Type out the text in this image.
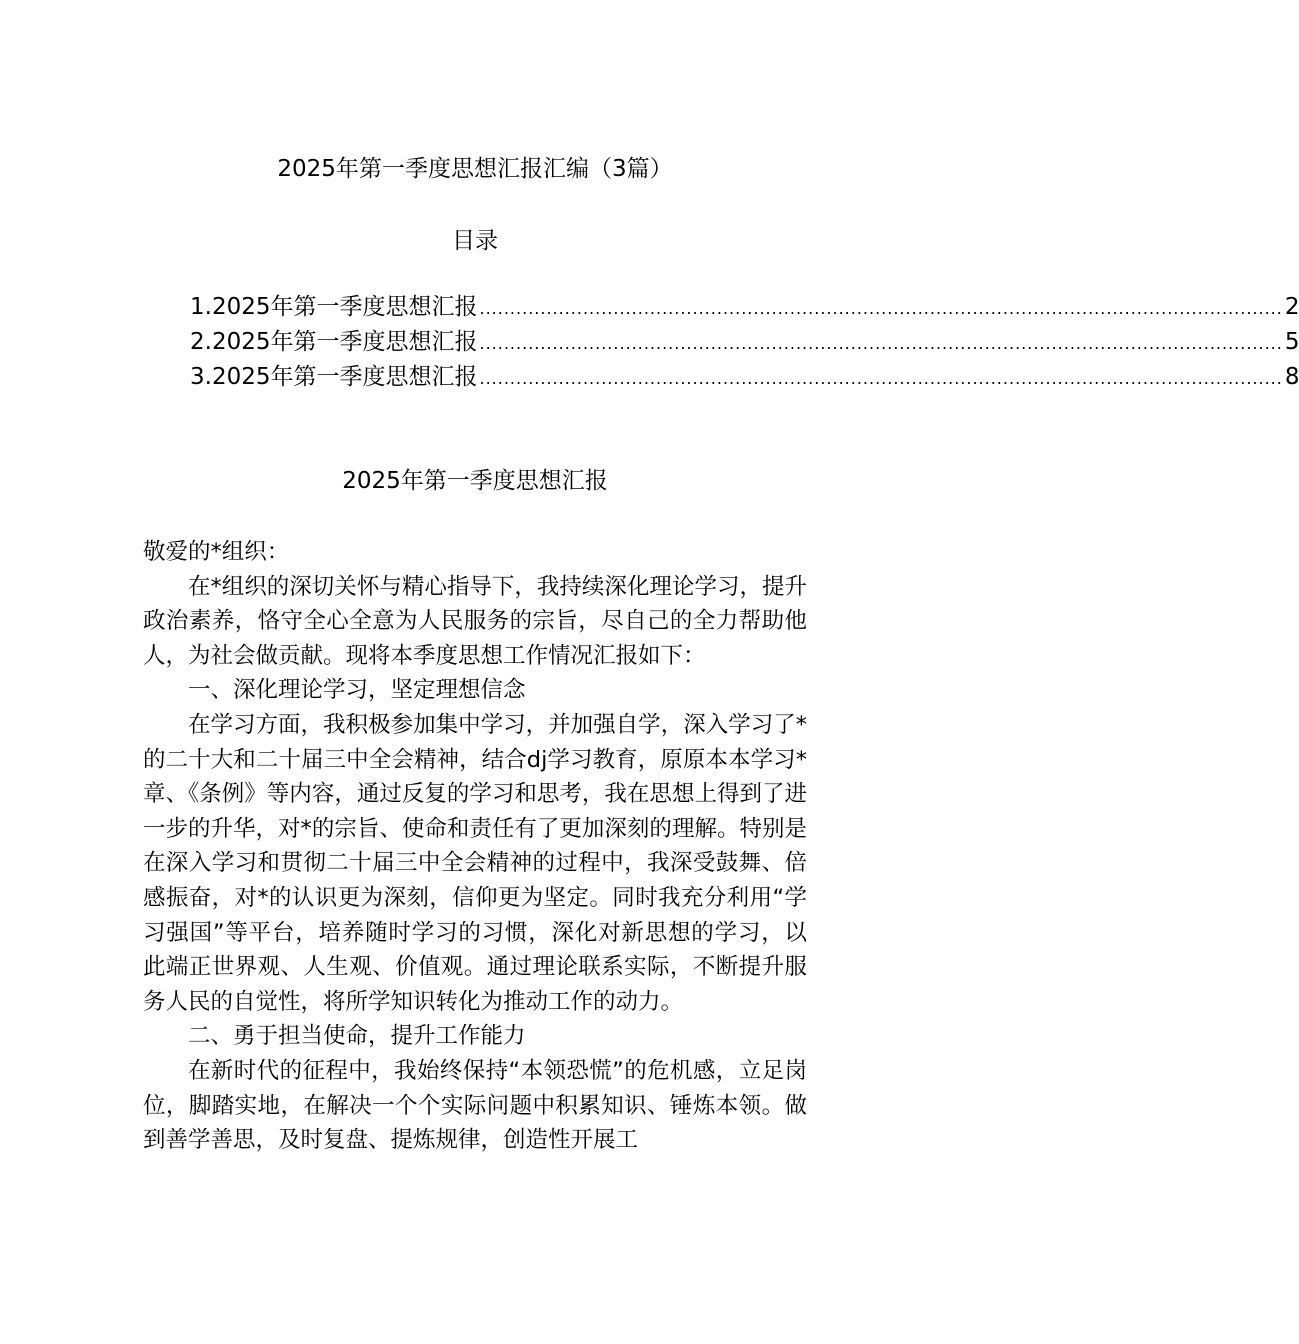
2025年第一季度思想汇报汇编（3篇）
目录
1. 2025年第一季度思想汇报 .................................................................................................................................... 2
2. 2025年第一季度思想汇报 .................................................................................................................................... 5
3. 2025年第一季度思想汇报 .................................................................................................................................... 8
2025年第一季度思想汇报

敬爱的*组织：

在*组织的深切关怀与精心指导下，我持续深化理论学习，提升政治素养，恪守全心全意为人民服务的宗旨，尽自己的全力帮助他人，为社会做贡献。现将本季度思想工作情况汇报如下：

一、深化理论学习，坚定理想信念

在学习方面，我积极参加集中学习，并加强自学，深入学习了*的二十大和二十届三中全会精神，结合dj学习教育，原原本本学习*章、《条例》等内容，通过反复的学习和思考，我在思想上得到了进一步的升华，对*的宗旨、使命和责任有了更加深刻的理解。特别是在深入学习和贯彻二十届三中全会精神的过程中，我深受鼓舞、倍感振奋，对*的认识更为深刻，信仰更为坚定。同时我充分利用“学习强国”等平台，培养随时学习的习惯，深化对新思想的学习，以此端正世界观、人生观、价值观。通过理论联系实际，不断提升服务人民的自觉性，将所学知识转化为推动工作的动力。

二、勇于担当使命，提升工作能力

在新时代的征程中，我始终保持“本领恐慌”的危机感，立足岗位，脚踏实地，在解决一个个实际问题中积累知识、锤炼本领。做到善学善思，及时复盘、提炼规律，创造性开展工
